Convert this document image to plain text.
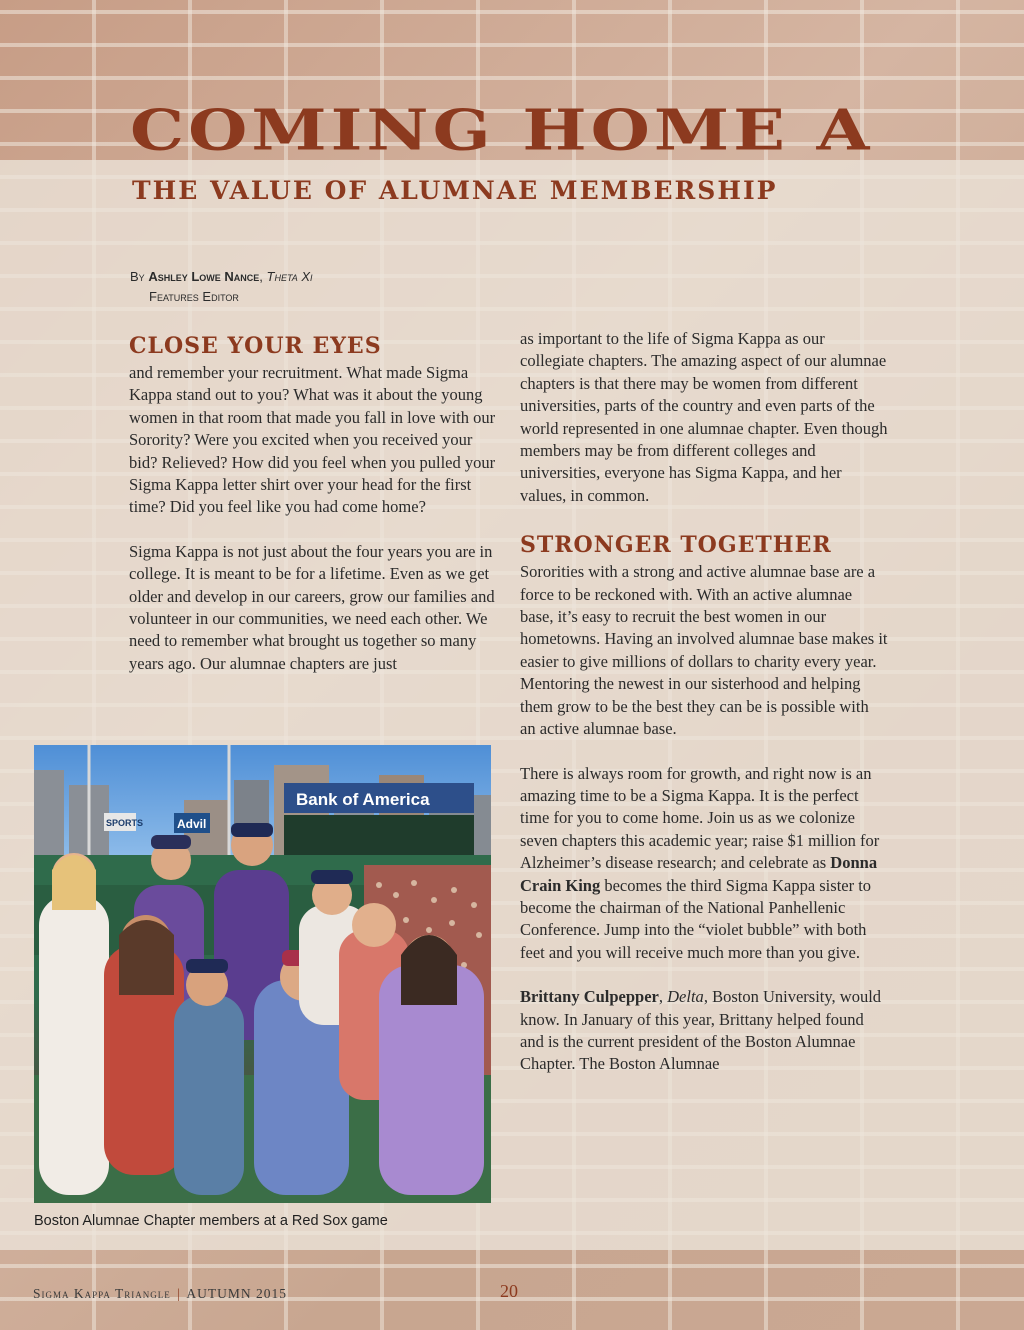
COMING HOME A
THE VALUE OF ALUMNAE MEMBERSHIP
By Ashley Lowe Nance, Theta Xi
Features Editor
CLOSE YOUR EYES

and remember your recruitment. What made Sigma Kappa stand out to you? What was it about the young women in that room that made you fall in love with our Sorority? Were you excited when you received your bid? Relieved? How did you feel when you pulled your Sigma Kappa letter shirt over your head for the first time? Did you feel like you had come home?

Sigma Kappa is not just about the four years you are in college. It is meant to be for a lifetime. Even as we get older and develop in our careers, grow our families and volunteer in our communities, we need each other. We need to remember what brought us together so many years ago. Our alumnae chapters are just

as important to the life of Sigma Kappa as our collegiate chapters. The amazing aspect of our alumnae chapters is that there may be women from different universities, parts of the country and even parts of the world represented in one alumnae chapter. Even though members may be from different colleges and universities, everyone has Sigma Kappa, and her values, in common.

STRONGER TOGETHER

Sororities with a strong and active alumnae base are a force to be reckoned with. With an active alumnae base, it’s easy to recruit the best women in our hometowns. Having an involved alumnae base makes it easier to give millions of dollars to charity every year. Mentoring the newest in our sisterhood and helping them grow to be the best they can be is possible with an active alumnae base.

There is always room for growth, and right now is an amazing time to be a Sigma Kappa. It is the perfect time for you to come home. Join us as we colonize seven chapters this academic year; raise $1 million for Alzheimer’s disease research; and celebrate as Donna Crain King becomes the third Sigma Kappa sister to become the chairman of the National Panhellenic Conference. Jump into the “violet bubble” with both feet and you will receive much more than you give.

Brittany Culpepper, Delta, Boston University, would know. In January of this year, Brittany helped found and is the current president of the Boston Alumnae Chapter. The Boston Alumnae

Bank of America
Advil
SPORTS
Boston Alumnae Chapter members at a Red Sox game
Sigma Kappa Triangle | AUTUMN 2015	20
